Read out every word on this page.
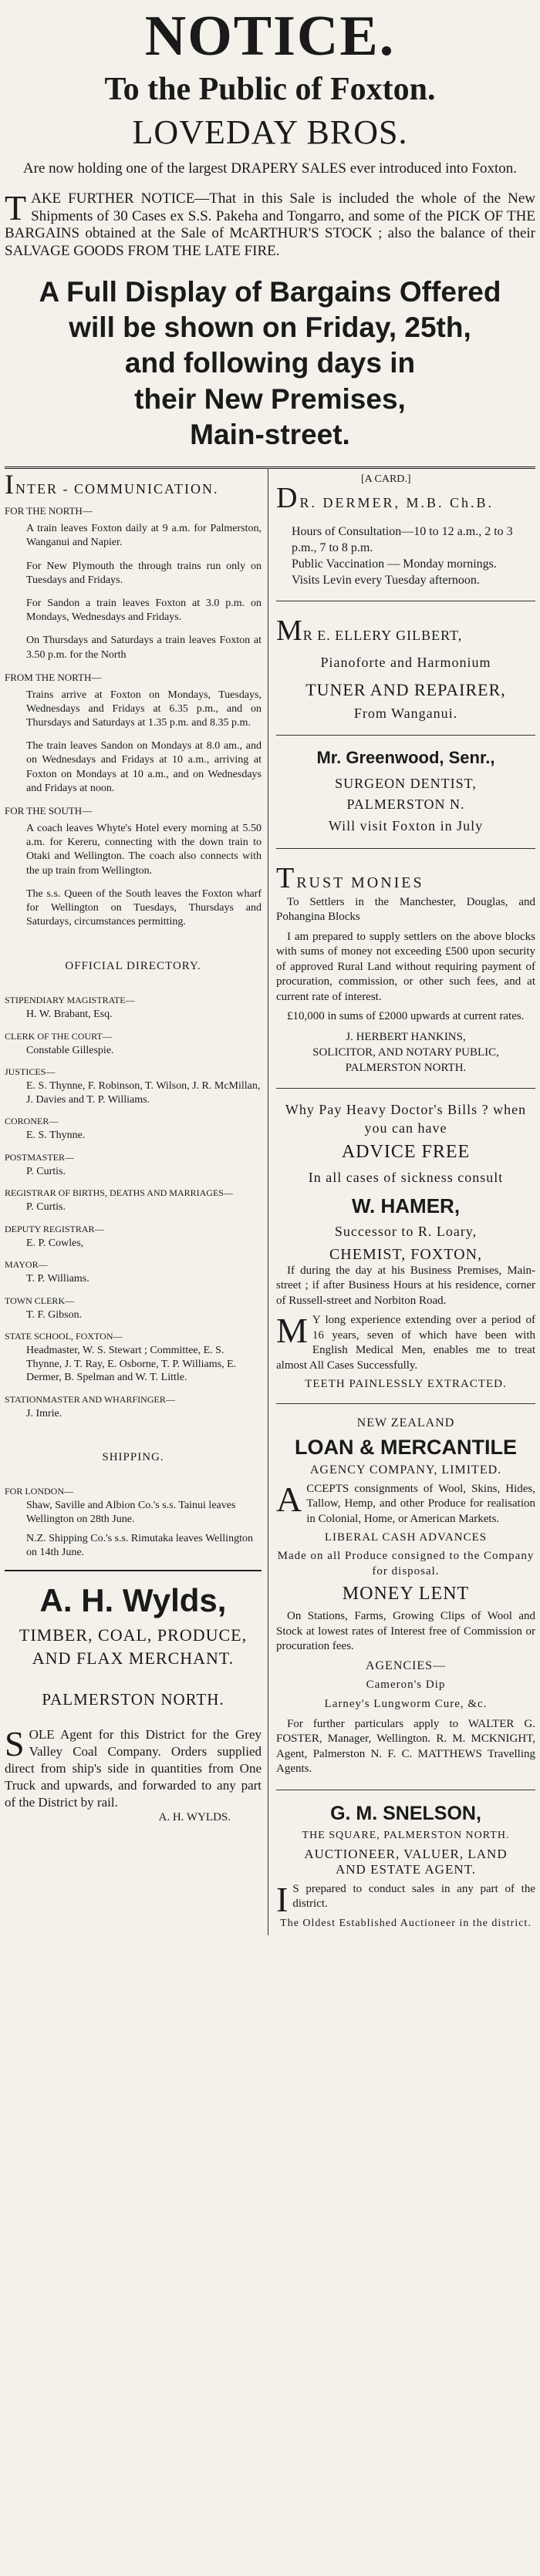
NOTICE.
To the Public of Foxton.
LOVEDAY BROS.

Are now holding one of the largest DRAPERY SALES ever introduced into Foxton.

TAKE FURTHER NOTICE—That in this Sale is included the whole of the New Shipments of 30 Cases ex S.S. Pakeha and Tongarro, and some of the PICK OF THE BARGAINS obtained at the Sale of McARTHUR'S STOCK ; also the balance of their SALVAGE GOODS FROM THE LATE FIRE.

A Full Display of Bargains Offered
will be shown on Friday, 25th,
and following days in
their New Premises,
Main-street.
INTER - COMMUNICATION.
FOR THE NORTH—

A train leaves Foxton daily at 9 a.m. for Palmerston, Wanganui and Napier.

For New Plymouth the through trains run only on Tuesdays and Fridays.

For Sandon a train leaves Foxton at 3.0 p.m. on Mondays, Wednesdays and Fridays.

On Thursdays and Saturdays a train leaves Foxton at 3.50 p.m. for the North

FROM THE NORTH—

Trains arrive at Foxton on Mondays, Tuesdays, Wednesdays and Fridays at 6.35 p.m., and on Thursdays and Saturdays at 1.35 p.m. and 8.35 p.m.

The train leaves Sandon on Mondays at 8.0 am., and on Wednesdays and Fridays at 10 a.m., arriving at Foxton on Mondays at 10 a.m., and on Wednesdays and Fridays at noon.

FOR THE SOUTH—

A coach leaves Whyte's Hotel every morning at 5.50 a.m. for Kereru, connecting with the down train to Otaki and Wellington. The coach also connects with the up train from Wellington.

The s.s. Queen of the South leaves the Foxton wharf for Wellington on Tuesdays, Thursdays and Saturdays, circumstances permitting.

OFFICIAL DIRECTORY.
STIPENDIARY MAGISTRATE—
H. W. Brabant, Esq.
CLERK OF THE COURT—
Constable Gillespie.
JUSTICES—
E. S. Thynne, F. Robinson, T. Wilson, J. R. McMillan, J. Davies and T. P. Williams.
CORONER—
E. S. Thynne.
POSTMASTER—
P. Curtis.
REGISTRAR OF BIRTHS, DEATHS AND MARRIAGES—
P. Curtis.
DEPUTY REGISTRAR—
E. P. Cowles,
MAYOR—
T. P. Williams.
TOWN CLERK—
T. F. Gibson.
STATE SCHOOL, FOXTON—
Headmaster, W. S. Stewart ; Committee, E. S. Thynne, J. T. Ray, E. Osborne, T. P. Williams, E. Dermer, B. Spelman and W. T. Little.
STATIONMASTER AND WHARFINGER—
J. Imrie.
SHIPPING.
FOR LONDON—

Shaw, Saville and Albion Co.'s s.s. Tainui leaves Wellington on 28th June.

N.Z. Shipping Co.'s s.s. Rimutaka leaves Wellington on 14th June.

A. H. Wylds,
TIMBER, COAL, PRODUCE,
AND FLAX MERCHANT.
PALMERSTON NORTH.

SOLE Agent for this District for the Grey Valley Coal Company. Orders supplied direct from ship's side in quantities from One Truck and upwards, and forwarded to any part of the District by rail.

A. H. WYLDS.
[A CARD.]
DR. DERMER, M.B. Ch.B.

Hours of Consultation—10 to 12 a.m., 2 to 3 p.m., 7 to 8 p.m.

Public Vaccination — Monday mornings.

Visits Levin every Tuesday afternoon.

MR E. ELLERY GILBERT,
Pianoforte and Harmonium
TUNER AND REPAIRER,
From Wanganui.
Mr. Greenwood, Senr.,
SURGEON DENTIST,
PALMERSTON N.
Will visit Foxton in July
TRUST MONIES

To Settlers in the Manchester, Douglas, and Pohangina Blocks

I am prepared to supply settlers on the above blocks with sums of money not exceeding £500 upon security of approved Rural Land without requiring payment of procuration, commission, or other such fees, and at current rate of interest.

£10,000 in sums of £2000 upwards at current rates.

J. HERBERT HANKINS,
SOLICITOR, AND NOTARY PUBLIC,
PALMERSTON NORTH.
Why Pay Heavy Doctor's Bills ? when you can have
ADVICE FREE
In all cases of sickness consult
W. HAMER,
Successor to R. Loary,
CHEMIST, FOXTON,

If during the day at his Business Premises, Main-street ; if after Business Hours at his residence, corner of Russell-street and Norbiton Road.

M Y long experience extending over a period of 16 years, seven of which have been with English Medical Men, enables me to treat almost All Cases Successfully.

TEETH PAINLESSLY EXTRACTED.
NEW ZEALAND
LOAN & MERCANTILE
AGENCY COMPANY, LIMITED.

ACCEPTS consignments of Wool, Skins, Hides, Tallow, Hemp, and other Produce for realisation in Colonial, Home, or American Markets.

LIBERAL CASH ADVANCES
Made on all Produce consigned to the Company for disposal.
MONEY LENT

On Stations, Farms, Growing Clips of Wool and Stock at lowest rates of Interest free of Commission or procuration fees.

AGENCIES—
Cameron's Dip
Larney's Lungworm Cure, &c.

For further particulars apply to WALTER G. FOSTER, Manager, Wellington. R. M. MCKNIGHT, Agent, Palmerston N. F. C. MATTHEWS Travelling Agents.

G. M. SNELSON,
THE SQUARE, PALMERSTON NORTH.
AUCTIONEER, VALUER, LAND
AND ESTATE AGENT.

I S prepared to conduct sales in any part of the district.

The Oldest Established Auctioneer in the district.
